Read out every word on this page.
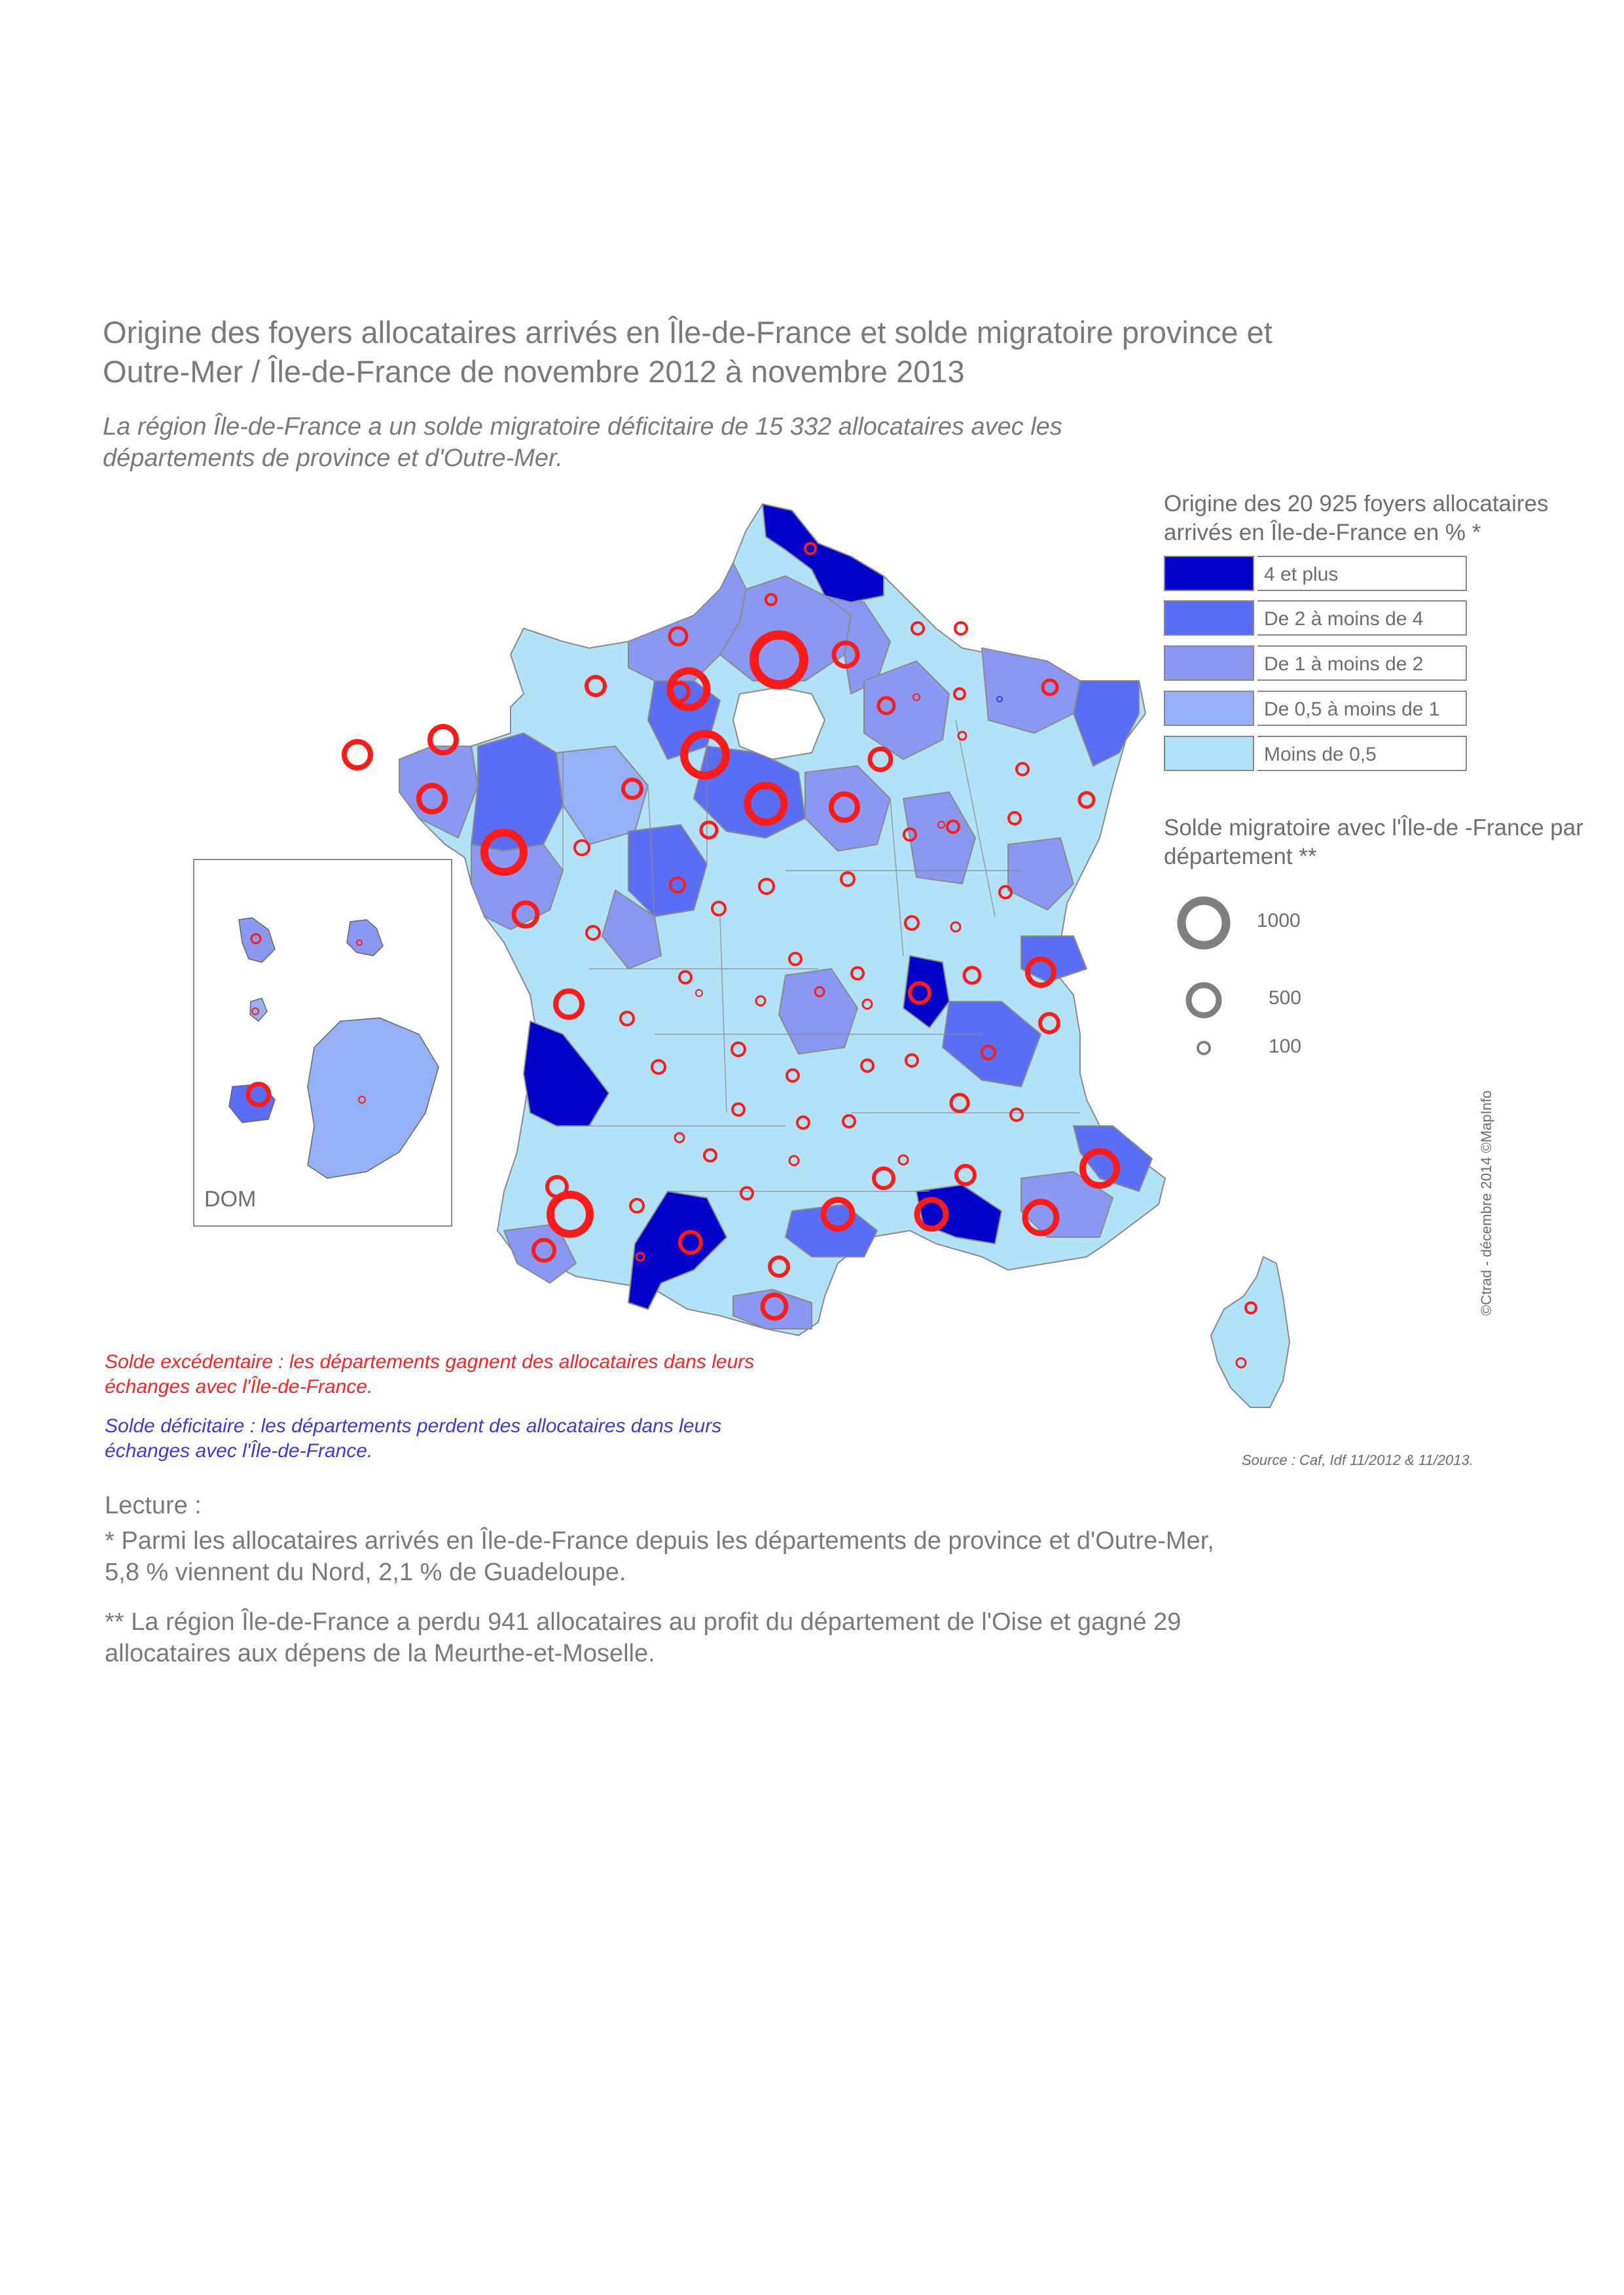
Origine des foyers allocataires arrivés en Île-de-France et solde migratoire province et Outre-Mer / Île-de-France de novembre 2012 à novembre 2013
La région Île-de-France a un solde migratoire déficitaire de 15 332 allocataires avec les départements de province et d'Outre-Mer.
Origine des 20 925 foyers allocataires arrivés en Île-de-France en % *
4 et plus
De 2 à moins de 4
De 1 à moins de 2
De 0,5 à moins de 1
Moins de 0,5
Solde migratoire avec l'Île-de -France par département **
1000
500
100
DOM
Solde excédentaire : les départements gagnent des allocataires dans leurs échanges avec l'Île-de-France.
Solde déficitaire : les départements perdent des allocataires dans leurs échanges avec l'Île-de-France.	Source : Caf, Idf 11/2012 & 11/2013.
©Ctrad - décembre 2014 ©MapInfo
Lecture :
* Parmi les allocataires arrivés en Île-de-France depuis les départements de province et d'Outre-Mer, 5,8 % viennent du Nord, 2,1 % de Guadeloupe.
** La région Île-de-France a perdu 941 allocataires au profit du département de l'Oise et gagné 29 allocataires aux dépens de la Meurthe-et-Moselle.
